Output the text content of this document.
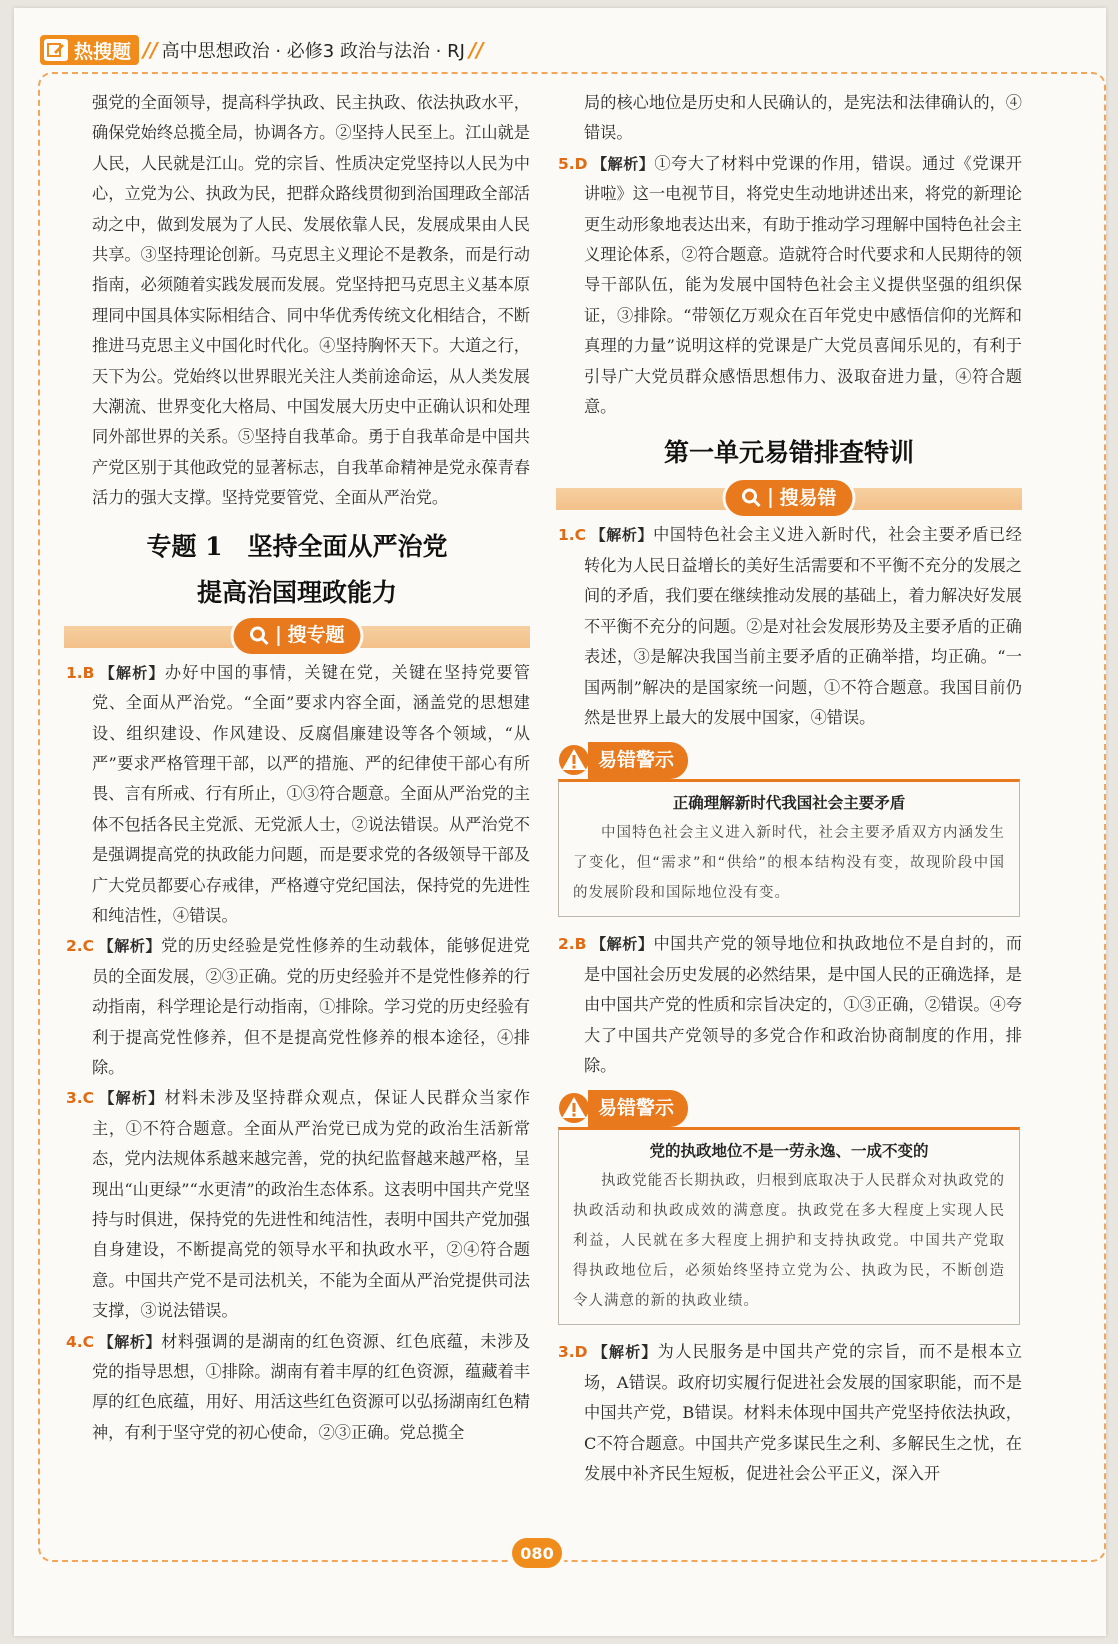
热搜题 // 高中思想政治 · 必修3 政治与法治 · RJ //

强党的全面领导，提高科学执政、民主执政、依法执政水平，确保党始终总揽全局，协调各方。②坚持人民至上。江山就是人民，人民就是江山。党的宗旨、性质决定党坚持以人民为中心，立党为公、执政为民，把群众路线贯彻到治国理政全部活动之中，做到发展为了人民、发展依靠人民，发展成果由人民共享。③坚持理论创新。马克思主义理论不是教条，而是行动指南，必须随着实践发展而发展。党坚持把马克思主义基本原理同中国具体实际相结合、同中华优秀传统文化相结合，不断推进马克思主义中国化时代化。④坚持胸怀天下。大道之行，天下为公。党始终以世界眼光关注人类前途命运，从人类发展大潮流、世界变化大格局、中国发展大历史中正确认识和处理同外部世界的关系。⑤坚持自我革命。勇于自我革命是中国共产党区别于其他政党的显著标志，自我革命精神是党永葆青春活力的强大支撑。坚持党要管党、全面从严治党。

专题 1　坚持全面从严治党
提高治国理政能力
搜专题

1.B 【解析】办好中国的事情，关键在党，关键在坚持党要管党、全面从严治党。“全面”要求内容全面，涵盖党的思想建设、组织建设、作风建设、反腐倡廉建设等各个领域，“从严”要求严格管理干部，以严的措施、严的纪律使干部心有所畏、言有所戒、行有所止，①③符合题意。全面从严治党的主体不包括各民主党派、无党派人士，②说法错误。从严治党不是强调提高党的执政能力问题，而是要求党的各级领导干部及广大党员都要心存戒律，严格遵守党纪国法，保持党的先进性和纯洁性，④错误。

2.C 【解析】党的历史经验是党性修养的生动载体，能够促进党员的全面发展，②③正确。党的历史经验并不是党性修养的行动指南，科学理论是行动指南，①排除。学习党的历史经验有利于提高党性修养，但不是提高党性修养的根本途径，④排除。

3.C 【解析】材料未涉及坚持群众观点，保证人民群众当家作主，①不符合题意。全面从严治党已成为党的政治生活新常态，党内法规体系越来越完善，党的执纪监督越来越严格，呈现出“山更绿”“水更清”的政治生态体系。这表明中国共产党坚持与时俱进，保持党的先进性和纯洁性，表明中国共产党加强自身建设，不断提高党的领导水平和执政水平，②④符合题意。中国共产党不是司法机关，不能为全面从严治党提供司法支撑，③说法错误。

4.C 【解析】材料强调的是湖南的红色资源、红色底蕴，未涉及党的指导思想，①排除。湖南有着丰厚的红色资源，蕴藏着丰厚的红色底蕴，用好、用活这些红色资源可以弘扬湖南红色精神，有利于坚守党的初心使命，②③正确。党总揽全

局的核心地位是历史和人民确认的，是宪法和法律确认的，④错误。

5.D 【解析】①夸大了材料中党课的作用，错误。通过《党课开讲啦》这一电视节目，将党史生动地讲述出来，将党的新理论更生动形象地表达出来，有助于推动学习理解中国特色社会主义理论体系，②符合题意。造就符合时代要求和人民期待的领导干部队伍，能为发展中国特色社会主义提供坚强的组织保证，③排除。“带领亿万观众在百年党史中感悟信仰的光辉和真理的力量”说明这样的党课是广大党员喜闻乐见的，有利于引导广大党员群众感悟思想伟力、汲取奋进力量，④符合题意。

第一单元易错排查特训
搜易错

1.C 【解析】中国特色社会主义进入新时代，社会主要矛盾已经转化为人民日益增长的美好生活需要和不平衡不充分的发展之间的矛盾，我们要在继续推动发展的基础上，着力解决好发展不平衡不充分的问题。②是对社会发展形势及主要矛盾的正确表述，③是解决我国当前主要矛盾的正确举措，均正确。“一国两制”解决的是国家统一问题，①不符合题意。我国目前仍然是世界上最大的发展中国家，④错误。

易错警示
正确理解新时代我国社会主要矛盾
中国特色社会主义进入新时代，社会主要矛盾双方内涵发生了变化，但“需求”和“供给”的根本结构没有变，故现阶段中国的发展阶段和国际地位没有变。

2.B 【解析】中国共产党的领导地位和执政地位不是自封的，而是中国社会历史发展的必然结果，是中国人民的正确选择，是由中国共产党的性质和宗旨决定的，①③正确，②错误。④夸大了中国共产党领导的多党合作和政治协商制度的作用，排除。

易错警示
党的执政地位不是一劳永逸、一成不变的
执政党能否长期执政，归根到底取决于人民群众对执政党的执政活动和执政成效的满意度。执政党在多大程度上实现人民利益，人民就在多大程度上拥护和支持执政党。中国共产党取得执政地位后，必须始终坚持立党为公、执政为民，不断创造令人满意的新的执政业绩。

3.D 【解析】为人民服务是中国共产党的宗旨，而不是根本立场，A错误。政府切实履行促进社会发展的国家职能，而不是中国共产党，B错误。材料未体现中国共产党坚持依法执政，C不符合题意。中国共产党多谋民生之利、多解民生之忧，在发展中补齐民生短板，促进社会公平正义，深入开

080
